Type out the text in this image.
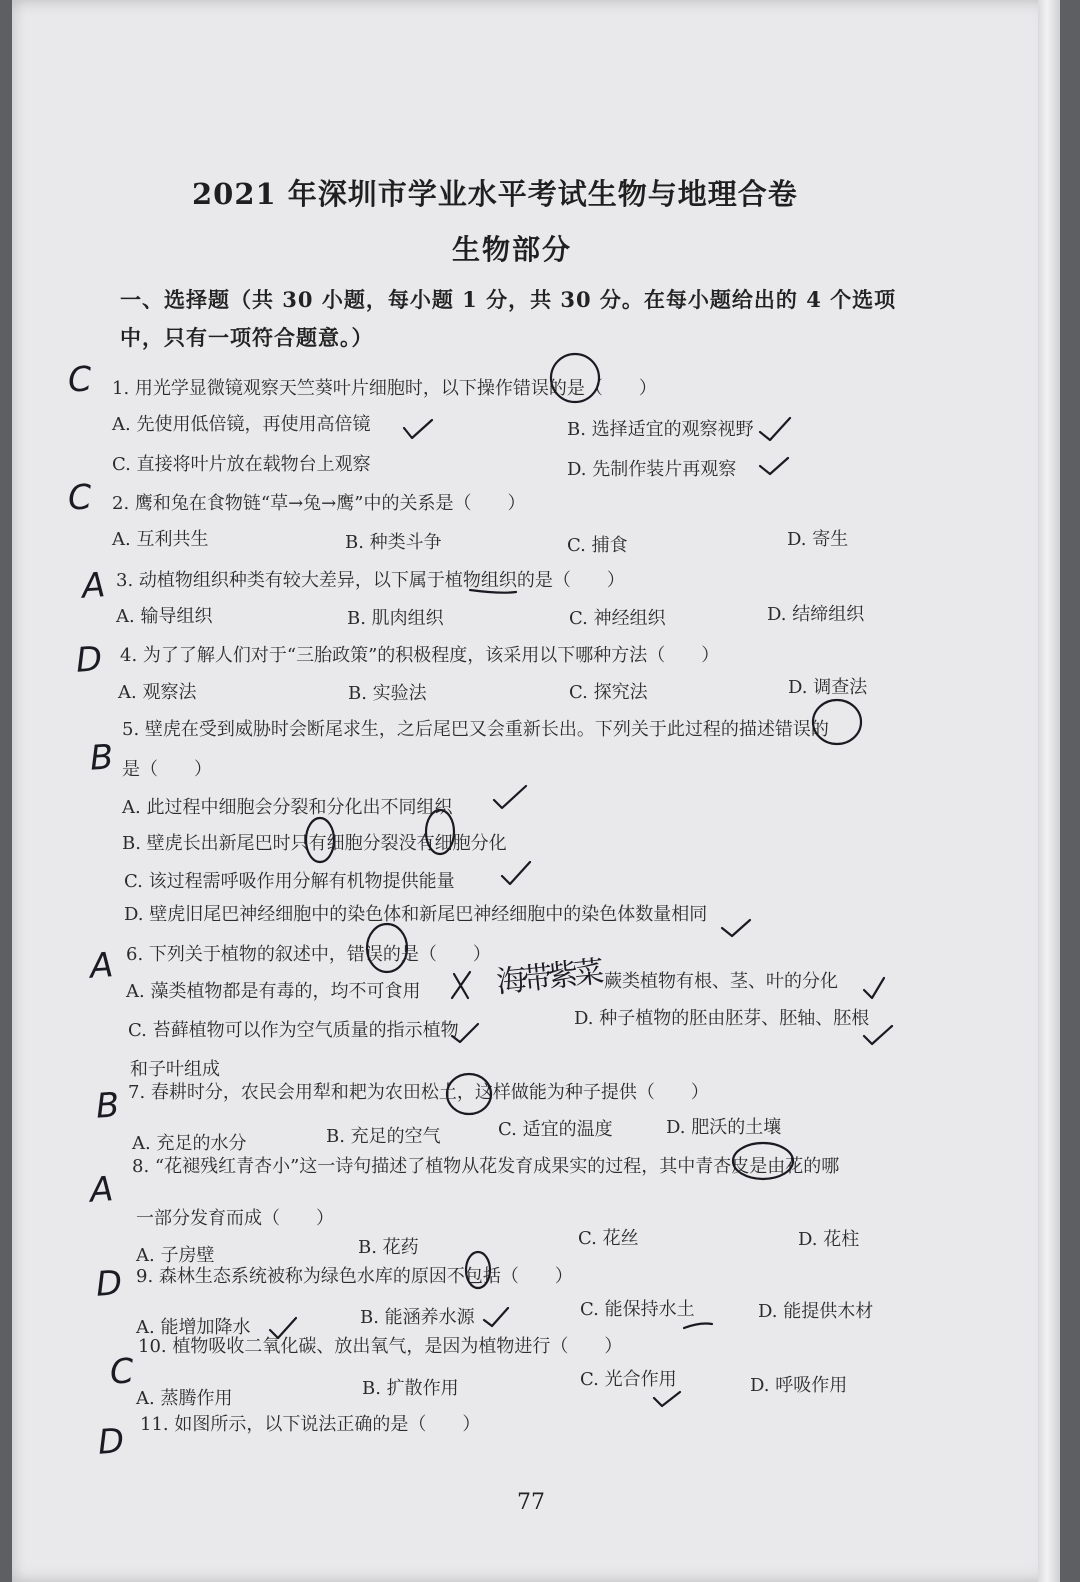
2021 年深圳市学业水平考试生物与地理合卷
生物部分
一、选择题（共 30 小题，每小题 1 分，共 30 分。在每小题给出的 4 个选项
中，只有一项符合题意。）
1. 用光学显微镜观察天竺葵叶片细胞时，以下操作错误的是（　　）
A. 先使用低倍镜，再使用高倍镜	B. 选择适宜的观察视野
C. 直接将叶片放在载物台上观察	D. 先制作装片再观察
2. 鹰和兔在食物链“草→兔→鹰”中的关系是（　　）
A. 互利共生	B. 种类斗争	C. 捕食	D. 寄生
3. 动植物组织种类有较大差异，以下属于植物组织的是（　　）
A. 输导组织	B. 肌肉组织	C. 神经组织	D. 结缔组织
4. 为了了解人们对于“三胎政策”的积极程度，该采用以下哪种方法（　　）
A. 观察法	B. 实验法	C. 探究法	D. 调查法
5. 壁虎在受到威胁时会断尾求生，之后尾巴又会重新长出。下列关于此过程的描述错误的
是（　　）
A. 此过程中细胞会分裂和分化出不同组织
B. 壁虎长出新尾巴时只有细胞分裂没有细胞分化
C. 该过程需呼吸作用分解有机物提供能量
D. 壁虎旧尾巴神经细胞中的染色体和新尾巴神经细胞中的染色体数量相同
6. 下列关于植物的叙述中，错误的是（　　）
A. 藻类植物都是有毒的，均不可食用	蕨类植物有根、茎、叶的分化
C. 苔藓植物可以作为空气质量的指示植物
D. 种子植物的胚由胚芽、胚轴、胚根
和子叶组成
海带紫菜
7. 春耕时分，农民会用犁和耙为农田松土，这样做能为种子提供（　　）
A. 充足的水分	B. 充足的空气	C. 适宜的温度	D. 肥沃的土壤
8. “花褪残红青杏小”这一诗句描述了植物从花发育成果实的过程，其中青杏皮是由花的哪
一部分发育而成（　　）
A. 子房壁	B. 花药	C. 花丝	D. 花柱
9. 森林生态系统被称为绿色水库的原因不包括（　　）
A. 能增加降水	B. 能涵养水源	C. 能保持水土	D. 能提供木材
10. 植物吸收二氧化碳、放出氧气，是因为植物进行（　　）
A. 蒸腾作用	B. 扩散作用	C. 光合作用	D. 呼吸作用
11. 如图所示，以下说法正确的是（　　）
C
C
A
D
B
A
B
A
D
C
D
77
